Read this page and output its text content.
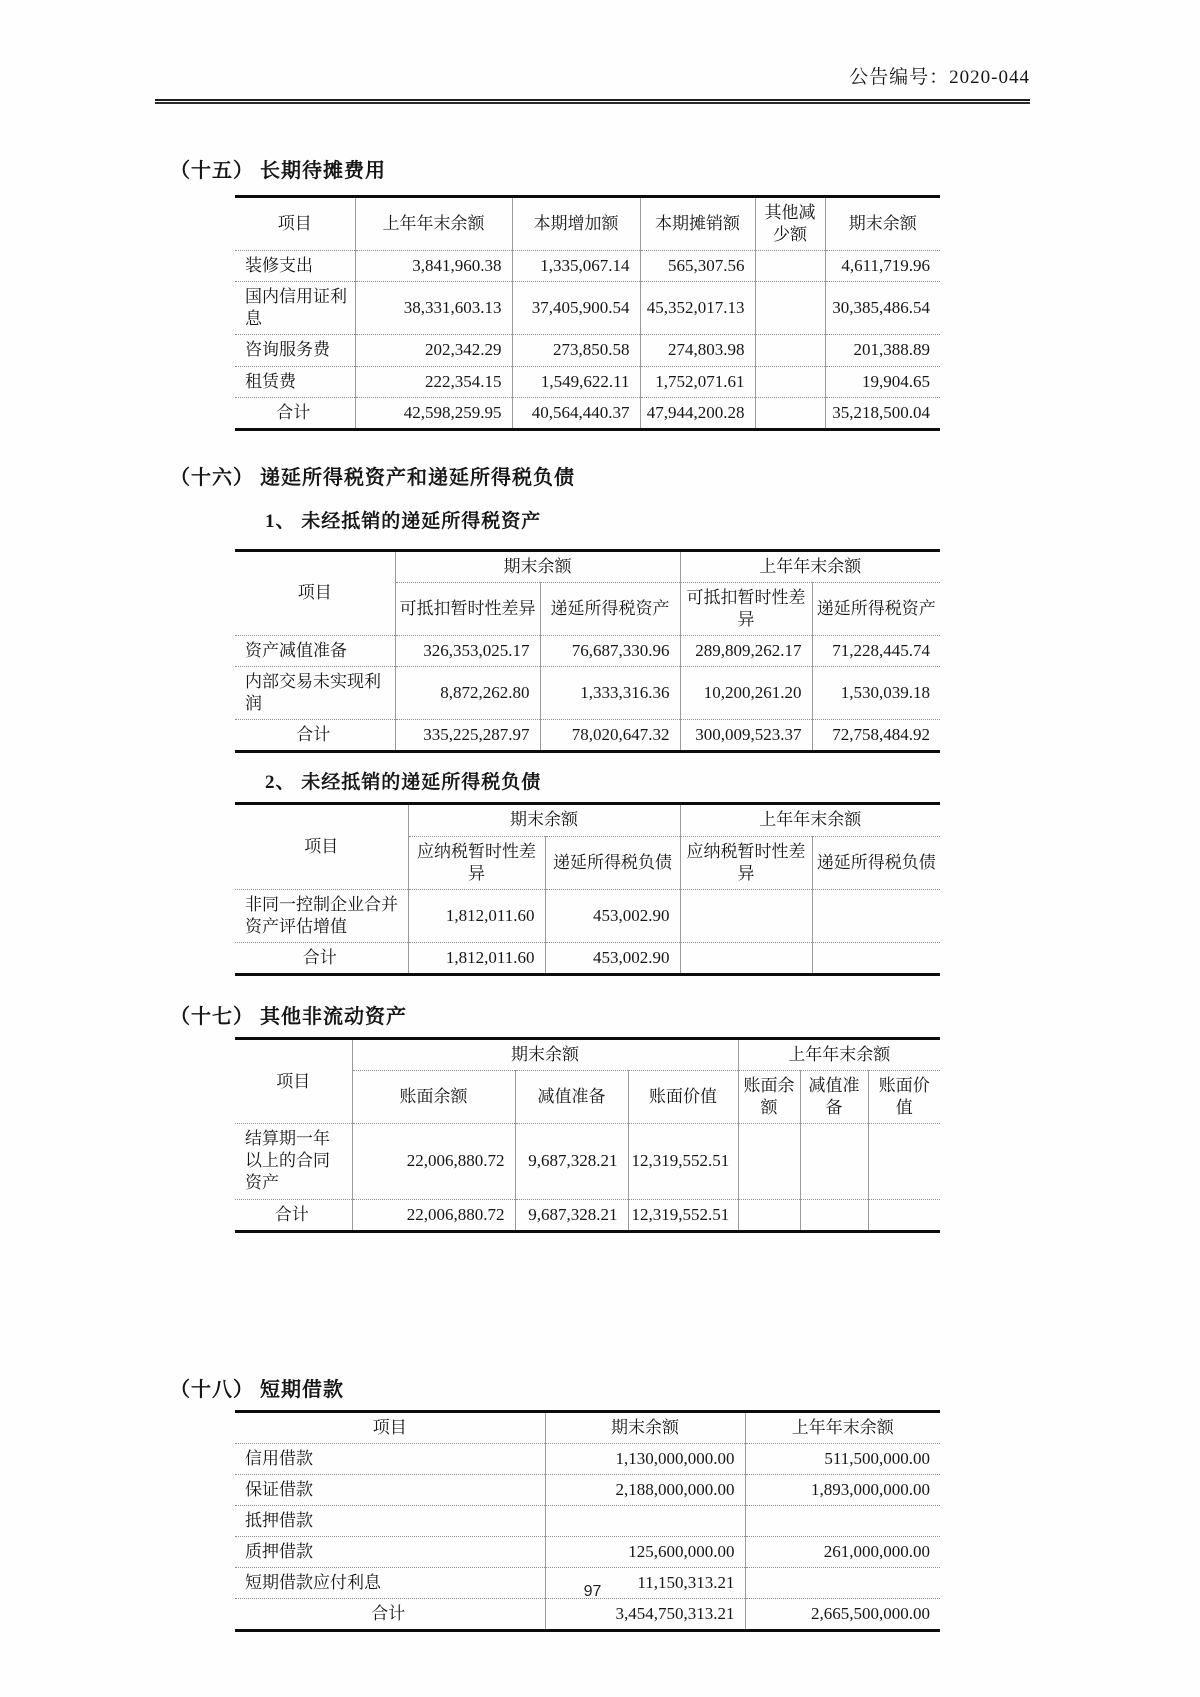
公告编号：2020-044
（十五） 长期待摊费用
项目	上年年末余额	本期增加额	本期摊销额	其他减少额	期末余额
装修支出	3,841,960.38	1,335,067.14	565,307.56		4,611,719.96
国内信用证利息	38,331,603.13	37,405,900.54	45,352,017.13		30,385,486.54
咨询服务费	202,342.29	273,850.58	274,803.98		201,388.89
租赁费	222,354.15	1,549,622.11	1,752,071.61		19,904.65
合计	42,598,259.95	40,564,440.37	47,944,200.28		35,218,500.04
（十六） 递延所得税资产和递延所得税负债
1、 未经抵销的递延所得税资产
项目	期末余额		上年年末余额	
	可抵扣暂时性差异	递延所得税资产	可抵扣暂时性差异	递延所得税资产
资产减值准备	326,353,025.17	76,687,330.96	289,809,262.17	71,228,445.74
内部交易未实现利润	8,872,262.80	1,333,316.36	10,200,261.20	1,530,039.18
合计	335,225,287.97	78,020,647.32	300,009,523.37	72,758,484.92
2、 未经抵销的递延所得税负债
项目	期末余额		上年年末余额	
	应纳税暂时性差异	递延所得税负债	应纳税暂时性差异	递延所得税负债
非同一控制企业合并资产评估增值	1,812,011.60	453,002.90		
合计	1,812,011.60	453,002.90		
（十七） 其他非流动资产
项目	期末余额			上年年末余额		
	账面余额	减值准备	账面价值	账面余额	减值准备	账面价值
结算期一年以上的合同资产	22,006,880.72	9,687,328.21	12,319,552.51			
合计	22,006,880.72	9,687,328.21	12,319,552.51			
（十八） 短期借款
项目	期末余额	上年年末余额
信用借款	1,130,000,000.00	511,500,000.00
保证借款	2,188,000,000.00	1,893,000,000.00
抵押借款		
质押借款	125,600,000.00	261,000,000.00
短期借款应付利息	11,150,313.21	
合计	3,454,750,313.21	2,665,500,000.00
97
